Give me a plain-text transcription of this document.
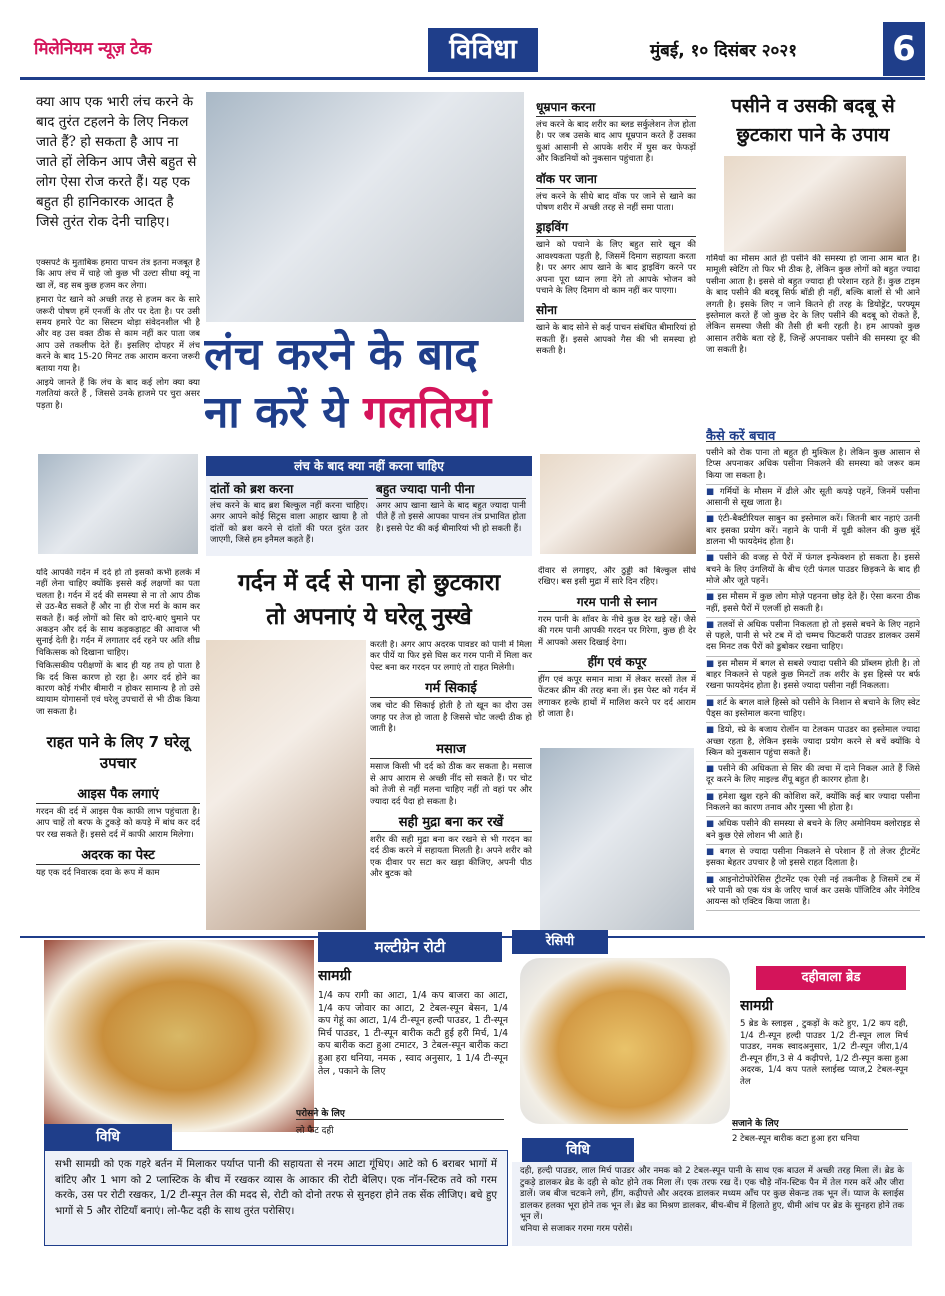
मिलेनियम न्यूज़ टेक	विविधा	मुंबई, १० दिसंबर २०२१	6

क्या आप एक भारी लंच करने के बाद तुरंत टहलने के लिए निकल जाते हैं? हो सकता है आप ना जाते हों लेकिन आप जैसे बहुत से लोग ऐसा रोज करते हैं। यह एक बहुत ही हानिकारक आदत है जिसे तुरंत रोक देनी चाहिए।

एक्सपर्ट के मुताबिक हमारा पाचन तंत्र इतना मजबूत है कि आप लंच में चाहे जो कुछ भी उल्टा सीधा क्यूं ना खा लें, वह सब कुछ हजम कर लेगा।

हमारा पेट खाने को अच्छी तरह से हजम कर के सारे जरूरी पोषण हमें एनर्जी के तौर पर देता है। पर उसी समय हमारे पेट का सिस्टम थोड़ा संवेदनशील भी है और वह उस वक्त ठीक से काम नहीं कर पाता जब आप उसे तकलीफ देते हैं। इसलिए दोपहर में लंच करने के बाद 15-20 मिनट तक आराम करना जरूरी बताया गया है।

आइये जानते हैं कि लंच के बाद कई लोग क्या क्या गलतियां करते हैं , जिससे उनके हाजमे पर चुरा असर पड़ता है।

लंच करने के बाद
ना करें ये गलतियां
धूम्रपान करना

लंच करने के बाद शरीर का ब्लड सर्कुलेशन तेज होता है। पर जब उसके बाद आप धूम्रपान करते हैं उसका धुआं आसानी से आपके शरीर में घुस कर फेफड़ों और किडनियों को नुकसान पहुंचाता है।

वॉक पर जाना

लंच करने के सीधे बाद वॉक पर जाने से खाने का पोषण शरीर में अच्छी तरह से नहीं समा पाता।

ड्राइविंग

खाने को पचाने के लिए बहुत सारे खून की आवश्यकता पड़ती है, जिसमें दिमाग सहायता करता है। पर अगर आप खाने के बाद ड्राइविंग करने पर अपना पूरा ध्यान लगा देंगे तो आपके भोजन को पचाने के लिए दिमाग वो काम नहीं कर पाएगा।

सोना

खाने के बाद सोने से कई पाचन संबंधित बीमारियां हो सकती हैं। इससे आपको गैस की भी समस्या हो सकती है।

लंच के बाद क्या नहीं करना चाहिए
दांतों को ब्रश करना

लंच करने के बाद ब्रश बिल्कुल नहीं करना चाहिए। अगर आपने कोई सिट्रस वाला आहार खाया है तो दांतों को ब्रश करने से दांतों की परत दुरंत उतर जाएगी, जिसे हम इनैमल कहते हैं।

बहुत ज्यादा पानी पीना

अगर आप खाना खाने के बाद बहुत ज्यादा पानी पीते हैं तो इससे आपका पाचन तंत्र प्रभावित होता है। इससे पेट की कई बीमारियां भी हो सकती हैं।

पसीने व उसकी बदबू से छुटकारा पाने के उपाय

गर्मियों का मौसम आते ही पसीने की समस्या हो जाना आम बात है। मामूली स्वेटिंग तो फिर भी ठीक है, लेकिन कुछ लोगों को बहुत ज्यादा पसीना आता है। इससे वो बहुत ज्यादा ही परेशान रहते हैं। कुछ टाइम के बाद पसीने की बदबू सिर्फ बॉडी ही नहीं, बल्कि बालों से भी आने लगती है। इसके लिए न जाने कितने ही तरह के डियोड्रेंट, परफ्यूम इस्तेमाल करते हैं जो कुछ देर के लिए पसीने की बदबू को रोकते हैं, लेकिन समस्या जैसी की तैसी ही बनी रहती है। हम आपको कुछ आसान तरीके बता रहे हैं, जिन्हें अपनाकर पसीने की समस्या दूर की जा सकती है।

कैसे करें बचाव
पसीने को रोक पाना तो बहुत ही मुश्किल है। लेकिन कुछ आसान से टिप्स अपनाकर अधिक पसीना निकलने की समस्या को जरूर कम किया जा सकता है।
■ गर्मियों के मौसम में ढीले और सूती कपड़े पहनें, जिनमें पसीना आसानी से सूख जाता है।
■ एंटी-बैक्टीरियल साबुन का इस्तेमाल करें। जितनी बार नहाएं उतनी बार इसका प्रयोग करें। नहाने के पानी में यूडी कोलन की कुछ बूंदें डालना भी फायदेमंद होता है।
■ पसीने की वजह से पैरों में फंगल इन्फेक्शन हो सकता है। इससे बचने के लिए उंगलियों के बीच एंटी फंगल पाउडर छिड़कने के बाद ही मोजे और जूते पहनें।
■ इस मौसम में कुछ लोग मोज़े पहनना छोड़ देते हैं। ऐसा करना ठीक नहीं, इससे पैरों में एलर्जी हो सकती है।
■ तलवों से अधिक पसीना निकलता हो तो इससे बचने के लिए नहाने से पहले, पानी से भरे टब में दो चम्मच फिटकरी पाउडर डालकर उसमें दस मिनट तक पैरों को डुबोकर रखना चाहिए।
■ इस मौसम में बगल से सबसे ज्यादा पसीने की प्रॉब्लम होती है। तो बाहर निकलने से पहले कुछ मिनटों तक शरीर के इस हिस्से पर बर्फ रखना फायदेमंद होता है। इससे ज्यादा पसीना नहीं निकलता।
■ शर्ट के बगल वाले हिस्से को पसीने के निशान से बचाने के लिए स्वेट पैड्स का इस्तेमाल करना चाहिए।
■ डियो, स्प्रे के बजाय रोलॉन या टेलकम पाउडर का इस्तेमाल ज्यादा अच्छा रहता है, लेकिन इसके ज्यादा प्रयोग करने से बचें क्योंकि ये स्किन को नुकसान पहुंचा सकते हैं।
■ पसीने की अधिकता से सिर की त्वचा में दाने निकल आते हैं जिसे दूर करने के लिए माइल्ड शैंपू बहुत ही कारगर होता है।
■ हमेशा खुश रहने की कोशिश करें, क्योंकि कई बार ज्यादा पसीना निकलने का कारण तनाव और गुस्सा भी होता है।
■ अधिक पसीने की समस्या से बचने के लिए अमोनियम क्लोराइड से बने कुछ ऐसे लोशन भी आते हैं।
■ बगल से ज्यादा पसीना निकलने से परेशान हैं तो लेजर ट्रीटमेंट इसका बेहतर उपचार है जो इससे राहत दिलाता है।
■ आइनोटोफोरेसिस ट्रीटमेंट एक ऐसी नई तकनीक है जिसमें टब में भरे पानी को एक यंत्र के जरिए चार्ज कर उसके पॉजिटिव और नेगेटिव आयन्स को एक्टिव किया जाता है।

यदि आपकी गर्दन में दर्द हो तो इसको कभी हलके में नहीं लेना चाहिए क्योंकि इससे कई लक्षणों का पता चलता है। गर्दन में दर्द की समस्या से ना तो आप ठीक से उठ-बैठ सकते हैं और ना ही रोज मर्रा के काम कर सकते हैं। कई लोगों को सिर को दाएं-बाएं घुमाने पर अकड़न और दर्द के साथ कड़कड़ाहट की आवाज भी सुनाई देती है। गर्दन में लगातार दर्द रहने पर अति शीघ्र चिकित्सक को दिखाना चाहिए।

चिकित्सकीय परीक्षणों के बाद ही यह तय हो पाता है कि दर्द किस कारण हो रहा है। अगर दर्द होने का कारण कोई गंभीर बीमारी न होकर सामान्य है तो उसे व्यायाम योगासनों एवं घरेलू उपचारों से भी ठीक किया जा सकता है।

राहत पाने के लिए 7 घरेलू उपचार
आइस पैक लगाएं

गरदन की दर्द में आइस पैक काफी लाभ पहुंचाता है। आप चाहें तो बरफ के टुकड़े को कपड़े में बांध कर दर्द पर रख सकते हैं। इससे दर्द में काफी आराम मिलेगा।

अदरक का पेस्ट

यह एक दर्द निवारक दवा के रूप में काम

गर्दन में दर्द से पाना हो छुटकारा
तो अपनाएं ये घरेलू नुस्खे

करती है। अगर आप अदरक पावडर को पानी में मिला कर पीयें या फिर इसे घिस कर गरम पानी में मिला कर पेस्ट बना कर गरदन पर लगाएं तो राहत मिलेगी।

गर्म सिकाई

जब चोट की सिकाई होती है तो खून का दौरा उस जगह पर तेज हो जाता है जिससे चोट जल्दी ठीक हो जाती है।

मसाज

मसाज किसी भी दर्द को ठीक कर सकता है। मसाज से आप आराम से अच्छी नींद सो सकते हैं। पर चोट को तेजी से नहीं मलना चाहिए नहीं तो वहां पर और ज्यादा दर्द पैदा हो सकता है।

सही मुद्रा बना कर रखें

शरीर की सही मुद्रा बना कर रखने से भी गरदन का दर्द ठीक करने में सहायता मिलती है। अपने शरीर को एक दीवार पर सटा कर खड़ा कीजिए, अपनी पीठ और बुटक को

दीवार से लगाइए, और ठुड्डी को बिल्कुल सीधे रखिए। बस इसी मुद्रा में सारे दिन रहिए।

गरम पानी से स्नान

गरम पानी के शॉवर के नीचे कुछ देर खड़े रहें। जैसे की गरम पानी आपकी गरदन पर गिरेगा, कुछ ही देर में आपको असर दिखाई देगा।

हींग एवं कपूर

हींग एवं कपूर समान मात्रा में लेकर सरसों तेल में फेंटकर क्रीम की तरह बना लें। इस पेस्ट को गर्दन में लगाकर हल्के हाथों में मालिश करने पर दर्द आराम हो जाता है।

मल्टीग्रेन रोटी
सामग्री

1/4 कप रागी का आटा, 1/4 कप बाजरा का आटा, 1/4 कप जोवार का आटा, 2 टेबल-स्पून बेसन, 1/4 कप गेहूं का आटा, 1/4 टी-स्पून हल्दी पाउडर, 1 टी-स्पून मिर्च पाउडर, 1 टी-स्पून बारीक कटी हुई हरी मिर्च, 1/4 कप बारीक कटा हुआ टमाटर, 3 टेबल-स्पून बारीक कटा हुआ हरा धनिया, नमक , स्वाद अनुसार, 1 1/4 टी-स्पून तेल , पकाने के लिए

परोसने के लिए
लो फैट दही
विधि

सभी सामग्री को एक गहरे बर्तन में मिलाकर पर्याप्त पानी की सहायता से नरम आटा गूंधिए। आटे को 6 बराबर भागों में बांटिए और 1 भाग को 2 प्लास्टिक के बीच में रखकर व्यास के आकार की रोटी बेलिए। एक नॉन-स्टिक तवे को गरम करके, उस पर रोटी रखकर, 1/2 टी-स्पून तेल की मदद से, रोटी को दोनो तरफ से सुनहरा होने तक सेंक लीजिए। बचे हुए भागों से 5 और रोटियाँ बनाएं। लो-फैट दही के साथ तुरंत परोसिए।

रेसिपी
दहीवाला ब्रेड
सामग्री

5 ब्रेड के स्लाइस , टुकड़ों के कटे हुए, 1/2 कप दही, 1/4 टी-स्पून हल्दी पाउडर 1/2 टी-स्पून लाल मिर्च पाउडर, नमक स्वादअनुसार, 1/2 टी-स्पून जीरा,1/4 टी-स्पून हींग,3 से 4 कढ़ीपत्ते, 1/2 टी-स्पून कसा हुआ अदरक, 1/4 कप पतले स्लाईस्ड प्याज,2 टेबल-स्पून तेल

सजाने के लिए
2 टेबल-स्पून बारीक कटा हुआ हरा धनिया
विधि

दही, हल्दी पाउडर, लाल मिर्च पाउडर और नमक को 2 टेबल-स्पून पानी के साथ एक बाउल में अच्छी तरह मिला लें। ब्रेड के टुकड़े डालकर ब्रेड के दही से कोट होने तक मिला लें। एक तरफ रख दें। एक चौड़े नॉन-स्टिक पैन में तेल गरम करें और जीरा डालें। जब बीज चटकने लगे, हींग, कढ़ीपत्ते और अदरक डालकर मध्यम आँच पर कुछ सेकन्ड तक भून लें। प्याज के स्लाईस डालकर हलका भूरा होने तक भून लें। ब्रेड का मिश्रण डालकर, बीच-बीच में हिलाते हुए, धीमी आंच पर ब्रेड के सुनहरा होने तक भून लें।

धनिया से सजाकर गरमा गरम परोसें।
